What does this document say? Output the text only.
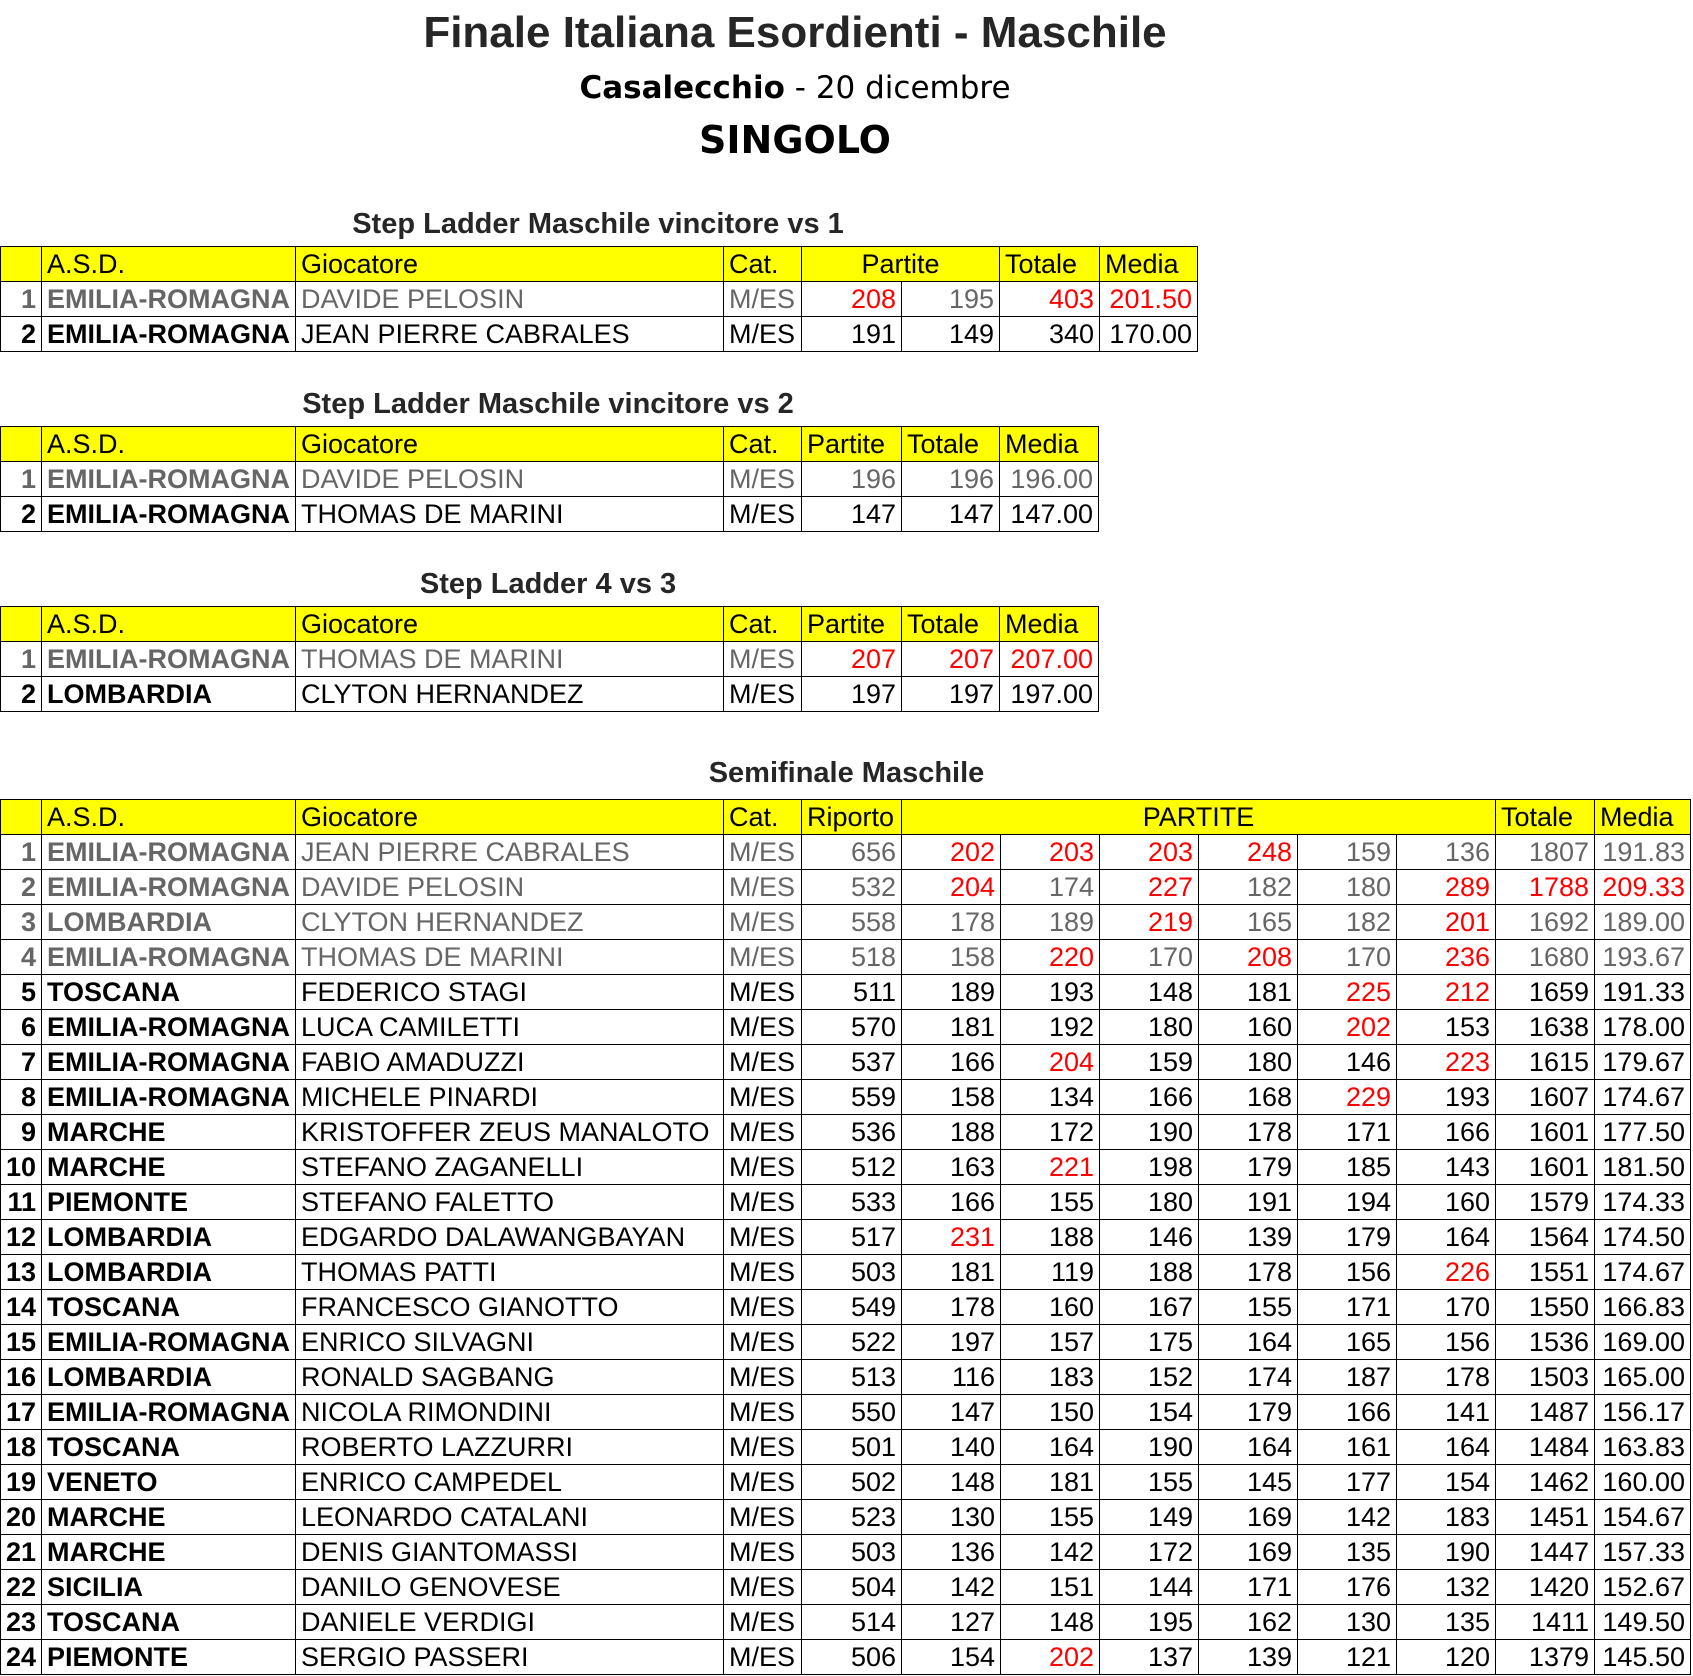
Finale Italiana Esordienti - Maschile
Casalecchio - 20 dicembre
SINGOLO
Step Ladder Maschile vincitore vs 1
	A.S.D.	Giocatore	Cat.	Partite		Totale	Media
1	EMILIA-ROMAGNA	DAVIDE PELOSIN	M/ES	208	195	403	201.50
2	EMILIA-ROMAGNA	JEAN PIERRE CABRALES	M/ES	191	149	340	170.00
Step Ladder Maschile vincitore vs 2
	A.S.D.	Giocatore	Cat.	Partite	Totale	Media
1	EMILIA-ROMAGNA	DAVIDE PELOSIN	M/ES	196	196	196.00
2	EMILIA-ROMAGNA	THOMAS DE MARINI	M/ES	147	147	147.00
Step Ladder 4 vs 3
	A.S.D.	Giocatore	Cat.	Partite	Totale	Media
1	EMILIA-ROMAGNA	THOMAS DE MARINI	M/ES	207	207	207.00
2	LOMBARDIA	CLYTON HERNANDEZ	M/ES	197	197	197.00
Semifinale Maschile
	A.S.D.	Giocatore	Cat.	Riporto	PARTITE						Totale	Media
1	EMILIA-ROMAGNA	JEAN PIERRE CABRALES	M/ES	656	202	203	203	248	159	136	1807	191.83
2	EMILIA-ROMAGNA	DAVIDE PELOSIN	M/ES	532	204	174	227	182	180	289	1788	209.33
3	LOMBARDIA	CLYTON HERNANDEZ	M/ES	558	178	189	219	165	182	201	1692	189.00
4	EMILIA-ROMAGNA	THOMAS DE MARINI	M/ES	518	158	220	170	208	170	236	1680	193.67
5	TOSCANA	FEDERICO STAGI	M/ES	511	189	193	148	181	225	212	1659	191.33
6	EMILIA-ROMAGNA	LUCA CAMILETTI	M/ES	570	181	192	180	160	202	153	1638	178.00
7	EMILIA-ROMAGNA	FABIO AMADUZZI	M/ES	537	166	204	159	180	146	223	1615	179.67
8	EMILIA-ROMAGNA	MICHELE PINARDI	M/ES	559	158	134	166	168	229	193	1607	174.67
9	MARCHE	KRISTOFFER ZEUS MANALOTO	M/ES	536	188	172	190	178	171	166	1601	177.50
10	MARCHE	STEFANO ZAGANELLI	M/ES	512	163	221	198	179	185	143	1601	181.50
11	PIEMONTE	STEFANO FALETTO	M/ES	533	166	155	180	191	194	160	1579	174.33
12	LOMBARDIA	EDGARDO DALAWANGBAYAN	M/ES	517	231	188	146	139	179	164	1564	174.50
13	LOMBARDIA	THOMAS PATTI	M/ES	503	181	119	188	178	156	226	1551	174.67
14	TOSCANA	FRANCESCO GIANOTTO	M/ES	549	178	160	167	155	171	170	1550	166.83
15	EMILIA-ROMAGNA	ENRICO SILVAGNI	M/ES	522	197	157	175	164	165	156	1536	169.00
16	LOMBARDIA	RONALD SAGBANG	M/ES	513	116	183	152	174	187	178	1503	165.00
17	EMILIA-ROMAGNA	NICOLA RIMONDINI	M/ES	550	147	150	154	179	166	141	1487	156.17
18	TOSCANA	ROBERTO LAZZURRI	M/ES	501	140	164	190	164	161	164	1484	163.83
19	VENETO	ENRICO CAMPEDEL	M/ES	502	148	181	155	145	177	154	1462	160.00
20	MARCHE	LEONARDO CATALANI	M/ES	523	130	155	149	169	142	183	1451	154.67
21	MARCHE	DENIS GIANTOMASSI	M/ES	503	136	142	172	169	135	190	1447	157.33
22	SICILIA	DANILO GENOVESE	M/ES	504	142	151	144	171	176	132	1420	152.67
23	TOSCANA	DANIELE VERDIGI	M/ES	514	127	148	195	162	130	135	1411	149.50
24	PIEMONTE	SERGIO PASSERI	M/ES	506	154	202	137	139	121	120	1379	145.50
